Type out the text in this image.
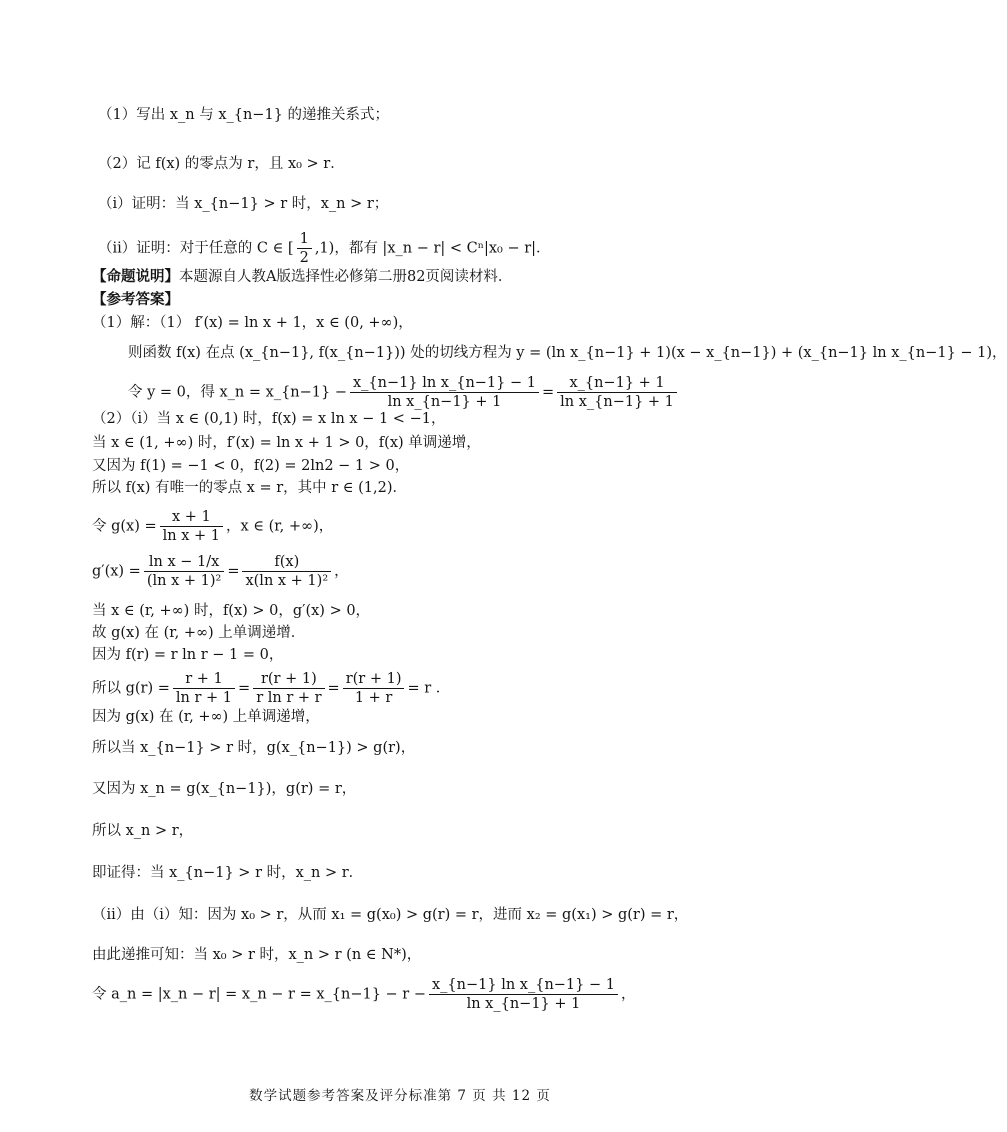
（1）写出 x_n 与 x_{n−1} 的递推关系式；
（2）记 f(x) 的零点为 r，且 x₀ > r．
（i）证明：当 x_{n−1} > r 时，x_n > r；
（ii）证明：对于任意的 C ∈ [ $\frac{1}{2} ,1$)，都有 |x_n − r| < Cⁿ|x₀ − r|．
【命题说明】本题源自人教A版选择性必修第二册82页阅读材料．
【参考答案】
（1）解：（1） f′(x) = ln x + 1，x ∈ (0, +∞)，
则函数 f(x) 在点 (x_{n−1}, f(x_{n−1})) 处的切线方程为 y = (ln x_{n−1} + 1)(x − x_{n−1}) + (x_{n−1} ln x_{n−1} − 1)，
令 y = 0，得 x_n = x_{n−1} − $\frac{\text{x\_\{n−1\} ln x\_\{n−1\} − 1}}{\text{ln x\_\{n−1\} + 1}} = \frac{x\_\{n-1\} + 1}{\text{ln x\_\{n−1\} + 1}}$
（2）（i）当 x ∈ (0,1) 时，f(x) = x ln x − 1 < −1，
当 x ∈ (1, +∞) 时，f′(x) = ln x + 1 > 0，f(x) 单调递增，
又因为 f(1) = −1 < 0，f(2) = 2ln2 − 1 > 0，
所以 f(x) 有唯一的零点 x = r，其中 r ∈ (1,2)．
令 $g(x) = \frac{x + 1}{\text{ln x + 1}}$ ，x ∈ (r, +∞)，
$g'(x) = \frac{\text{ln x − 1/x}}{\text{(ln x + 1)²}} = \frac{f(x)}{\text{x(ln x + 1)²}}$ ，
当 x ∈ (r, +∞) 时，f(x) > 0，g′(x) > 0，
故 g(x) 在 (r, +∞) 上单调递增．
因为 f(r) = r ln r − 1 = 0，
所以 $g(r) = \frac{r + 1}{\text{ln r + 1}} = \frac{r(r + 1)}{\text{r ln r + r}} = \frac{r(r + 1)}{1 + r} = r$ ．
因为 g(x) 在 (r, +∞) 上单调递增，
所以当 x_{n−1} > r 时，g(x_{n−1}) > g(r)，
又因为 x_n = g(x_{n−1})，g(r) = r，
所以 x_n > r，
即证得：当 x_{n−1} > r 时，x_n > r．
（ii）由（i）知：因为 x₀ > r，从而 x₁ = g(x₀) > g(r) = r，进而 x₂ = g(x₁) > g(r) = r，
由此递推可知：当 x₀ > r 时，x_n > r (n ∈ N*)，
令 a_n = |x_n − r| = x_n − r = x_{n−1} − $r - \frac{\text{x\_\{n−1\} ln x\_\{n−1\} − 1}}{\text{ln x\_\{n−1\} + 1}}$ ，
数学试题参考答案及评分标准第 7 页 共 12 页
